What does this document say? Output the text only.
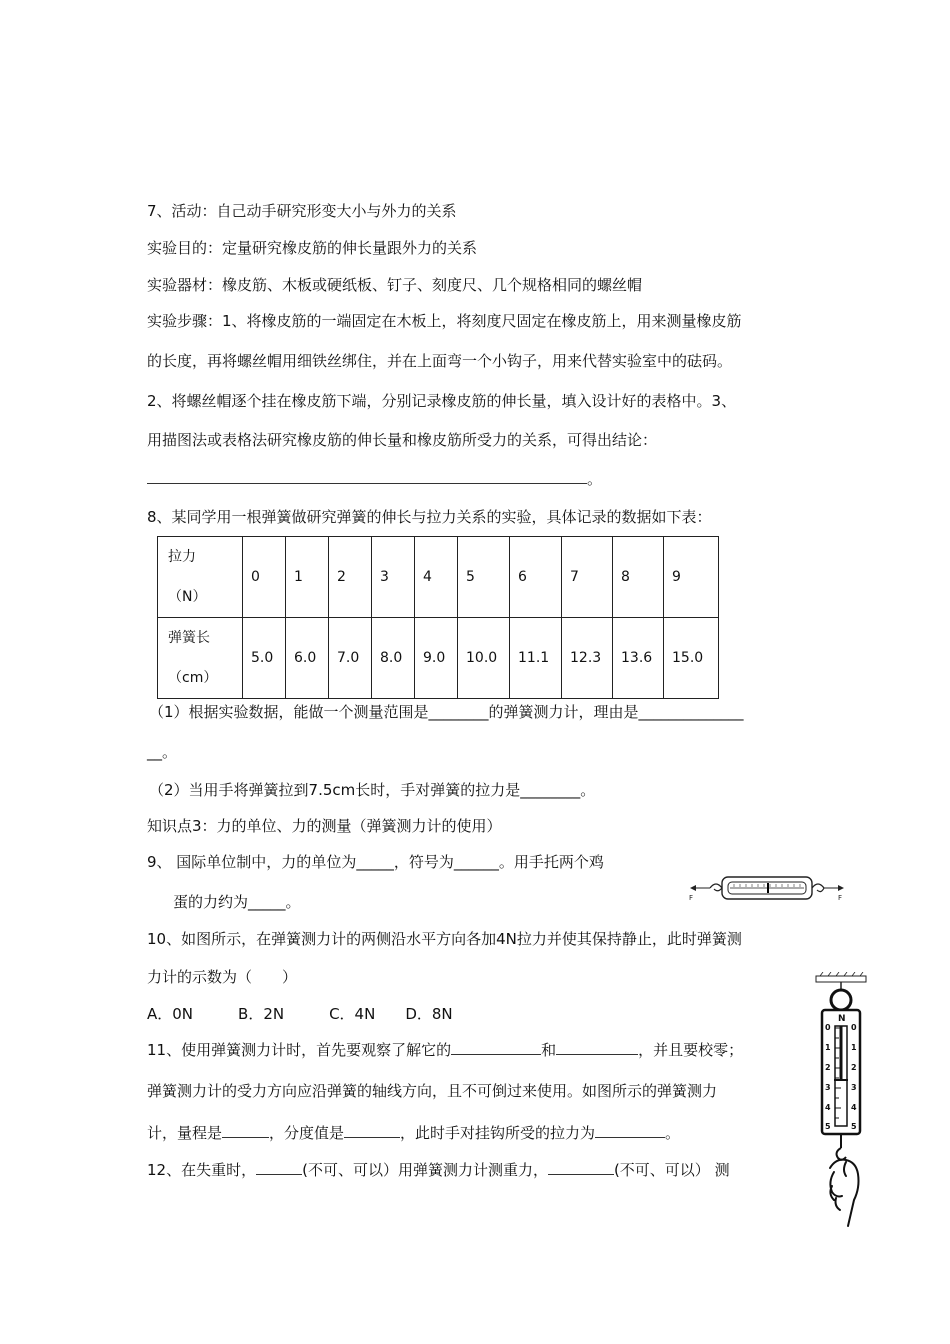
7、活动：自己动手研究形变大小与外力的关系
实验目的：定量研究橡皮筋的伸长量跟外力的关系
实验器材：橡皮筋、木板或硬纸板、钉子、刻度尺、几个规格相同的螺丝帽
实验步骤：1、将橡皮筋的一端固定在木板上，将刻度尺固定在橡皮筋上，用来测量橡皮筋
的长度，再将螺丝帽用细铁丝绑住，并在上面弯一个小钩子，用来代替实验室中的砝码。
2、将螺丝帽逐个挂在橡皮筋下端，分别记录橡皮筋的伸长量，填入设计好的表格中。3、
用描图法或表格法研究橡皮筋的伸长量和橡皮筋所受力的关系，可得出结论：
。
8、某同学用一根弹簧做研究弹簧的伸长与拉力关系的实验，具体记录的数据如下表：
拉力
（N）	0	1	2	3	4	5	6	7	8	9

弹簧长
（cm）	5.0	6.0	7.0	8.0	9.0	10.0	11.1	12.3	13.6	15.0
（1）根据实验数据，能做一个测量范围是________的弹簧测力计，理由是______________
__。
（2）当用手将弹簧拉到7.5cm长时，手对弹簧的拉力是________。
知识点3：力的单位、力的测量（弹簧测力计的使用）
9、 国际单位制中，力的单位为_____，符号为______。用手托两个鸡
蛋的力约为_____。	F	F
10、如图所示，在弹簧测力计的两侧沿水平方向各加4N拉力并使其保持静止，此时弹簧测
力计的示数为（　　）
A．0N　　　B．2N　　　C．4N　　D．8N
11、使用弹簧测力计时，首先要观察了解它的	和	，并且要校零；
弹簧测力计的受力方向应沿弹簧的轴线方向，且不可倒过来使用。如图所示的弹簧测力
计，量程是	，分度值是	，此时手对挂钩所受的拉力为	。
12、在失重时，	(不可、可以）用弹簧测力计测重力，	(不可、可以） 测
N
0	0
1	1
2	2
3	3
4	4
5	5
